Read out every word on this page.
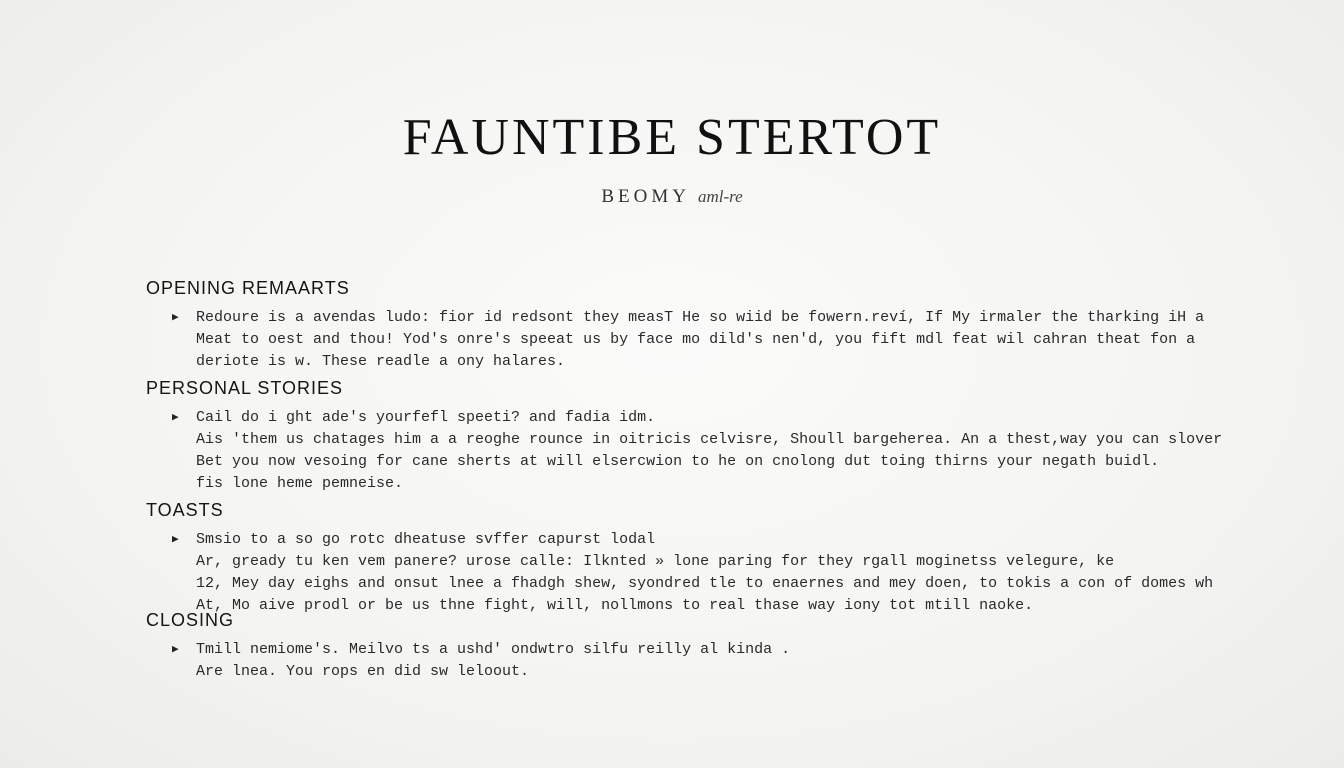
FAUNTIBE STERTOT
BEOMY aml-re
OPENING REMAARTS
▶ Redoure is a avendas ludo: fior id redsont they measT He so wiid be fowern.reví, If My irmaler the tharking iH a
Meat to oest and thou! Yod's onre's speeat us by face mo dild's nen'd, you fift mdl feat wil cahran theat fon a
deriote is w. These readle a ony halares.
PERSONAL STORIES
▶ Cail do i ght ade's yourfefl speeti? and fadia idm.
Ais 'them us chatages him a a reoghe rounce in oitricis celvisre, Shoull bargeherea. An a thest,way you can slover
Bet you now vesoing for cane sherts at will elsercwion to he on cnolong dut toing thirns your negath buidl.
fis lone heme pemneise.
TOASTS
▶ Smsio to a so go rotc dheatuse svffer capurst lodal
Ar, gready tu ken vem panere? urose calle: Ilknted » lone paring for they rgall moginetss velegure, ke
12, Mey day eighs and onsut lnee a fhadgh shew, syondred tle to enaernes and mey doen, to tokis a con of domes wh
At, Mo aive prodl or be us thne fight, will, nollmons to real thase way iony tot mtill naoke.
CLOSING
▶ Tmill nemiome's. Meilvo ts a ushd' ondwtro silfu reilly al kinda .
Are lnea. You rops en did sw leloout.
